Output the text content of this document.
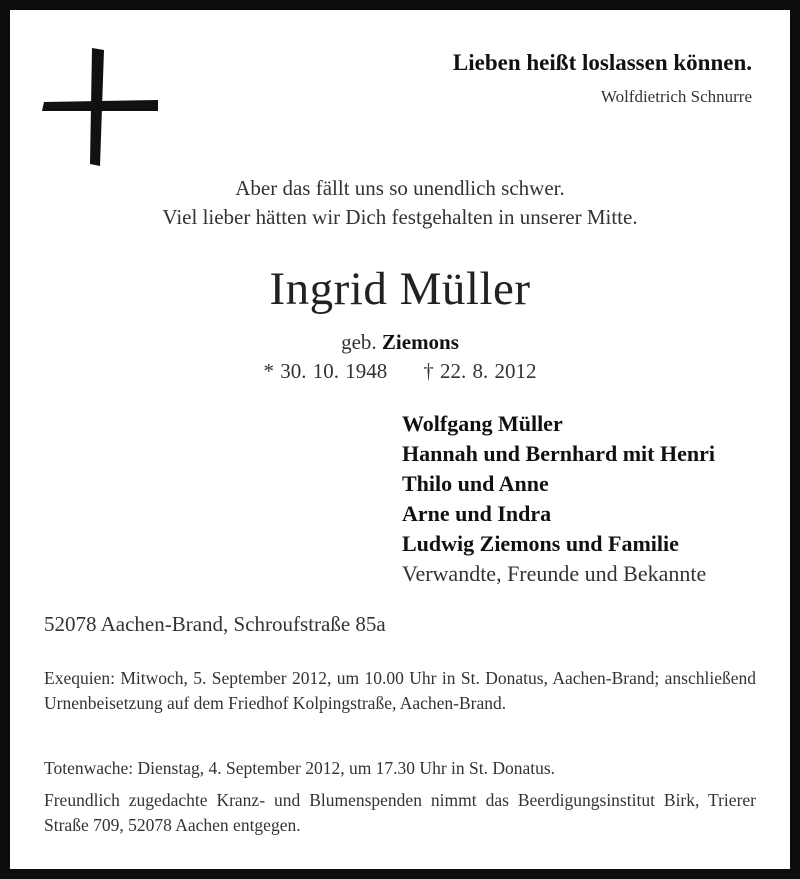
Lieben heißt loslassen können.
Wolfdietrich Schnurre
Aber das fällt uns so unendlich schwer.
Viel lieber hätten wir Dich festgehalten in unserer Mitte.
Ingrid Müller
geb. Ziemons
* 30. 10. 1948 † 22. 8. 2012
Wolfgang Müller
Hannah und Bernhard mit Henri
Thilo und Anne
Arne und Indra
Ludwig Ziemons und Familie
Verwandte, Freunde und Bekannte
52078 Aachen-Brand, Schroufstraße 85a
Exequien: Mitwoch, 5. September 2012, um 10.00 Uhr in St. Donatus, Aachen-Brand; anschließend Urnenbeisetzung auf dem Friedhof Kolpingstraße, Aachen-Brand.
Totenwache: Dienstag, 4. September 2012, um 17.30 Uhr in St. Donatus.
Freundlich zugedachte Kranz- und Blumenspenden nimmt das Beerdigungsinstitut Birk, Trierer Straße 709, 52078 Aachen entgegen.
